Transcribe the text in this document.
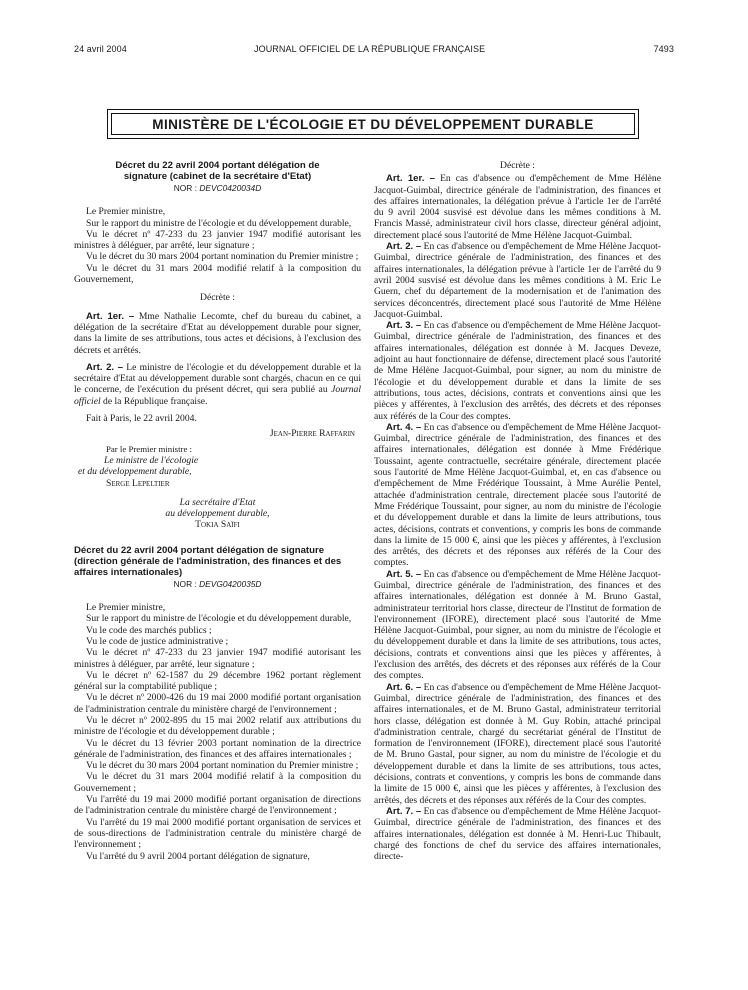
24 avril 2004	JOURNAL OFFICIEL DE LA RÉPUBLIQUE FRANÇAISE	7493
MINISTÈRE DE L'ÉCOLOGIE ET DU DÉVELOPPEMENT DURABLE
Décret du 22 avril 2004 portant délégation de signature (cabinet de la secrétaire d'Etat)
NOR : DEVC0420034D

Le Premier ministre,

Sur le rapport du ministre de l'écologie et du développement durable,

Vu le décret nº 47-233 du 23 janvier 1947 modifié autorisant les ministres à déléguer, par arrêté, leur signature ;

Vu le décret du 30 mars 2004 portant nomination du Premier ministre ;

Vu le décret du 31 mars 2004 modifié relatif à la composition du Gouvernement,

Décrète :

Art. 1er. – Mme Nathalie Lecomte, chef du bureau du cabinet, a délégation de la secrétaire d'Etat au développement durable pour signer, dans la limite de ses attributions, tous actes et décisions, à l'exclusion des décrets et arrêtés.

Art. 2. – Le ministre de l'écologie et du développement durable et la secrétaire d'Etat au développement durable sont chargés, chacun en ce qui le concerne, de l'exécution du présent décret, qui sera publié au Journal officiel de la République française.

Fait à Paris, le 22 avril 2004.

Jean-Pierre Raffarin

Par le Premier ministre :

Le ministre de l'écologie

et du développement durable,

Serge Lepeltier

La secrétaire d'Etat

au développement durable,

Tokia Saïfi

Décret du 22 avril 2004 portant délégation de signature (direction générale de l'administration, des finances et des affaires internationales)
NOR : DEVG0420035D

Le Premier ministre,

Sur le rapport du ministre de l'écologie et du développement durable,

Vu le code des marchés publics ;

Vu le code de justice administrative ;

Vu le décret nº 47-233 du 23 janvier 1947 modifié autorisant les ministres à déléguer, par arrêté, leur signature ;

Vu le décret nº 62-1587 du 29 décembre 1962 portant règlement général sur la comptabilité publique ;

Vu le décret nº 2000-426 du 19 mai 2000 modifié portant organisation de l'administration centrale du ministère chargé de l'environnement ;

Vu le décret nº 2002-895 du 15 mai 2002 relatif aux attributions du ministre de l'écologie et du développement durable ;

Vu le décret du 13 février 2003 portant nomination de la directrice générale de l'administration, des finances et des affaires internationales ;

Vu le décret du 30 mars 2004 portant nomination du Premier ministre ;

Vu le décret du 31 mars 2004 modifié relatif à la composition du Gouvernement ;

Vu l'arrêté du 19 mai 2000 modifié portant organisation de directions de l'administration centrale du ministère chargé de l'environnement ;

Vu l'arrêté du 19 mai 2000 modifié portant organisation de services et de sous-directions de l'administration centrale du ministère chargé de l'environnement ;

Vu l'arrêté du 9 avril 2004 portant délégation de signature,

Décrète :

Art. 1er. – En cas d'absence ou d'empêchement de Mme Hélène Jacquot-Guimbal, directrice générale de l'administration, des finances et des affaires internationales, la délégation prévue à l'article 1er de l'arrêté du 9 avril 2004 susvisé est dévolue dans les mêmes conditions à M. Francis Massé, administrateur civil hors classe, directeur général adjoint, directement placé sous l'autorité de Mme Hélène Jacquot-Guimbal.

Art. 2. – En cas d'absence ou d'empêchement de Mme Hélène Jacquot-Guimbal, directrice générale de l'administration, des finances et des affaires internationales, la délégation prévue à l'article 1er de l'arrêté du 9 avril 2004 susvisé est dévolue dans les mêmes conditions à M. Eric Le Guern, chef du département de la modernisation et de l'animation des services déconcentrés, directement placé sous l'autorité de Mme Hélène Jacquot-Guimbal.

Art. 3. – En cas d'absence ou d'empêchement de Mme Hélène Jacquot-Guimbal, directrice générale de l'administration, des finances et des affaires internationales, délégation est donnée à M. Jacques Deveze, adjoint au haut fonctionnaire de défense, directement placé sous l'autorité de Mme Hélène Jacquot-Guimbal, pour signer, au nom du ministre de l'écologie et du développement durable et dans la limite de ses attributions, tous actes, décisions, contrats et conventions ainsi que les pièces y afférentes, à l'exclusion des arrêtés, des décrets et des réponses aux référés de la Cour des comptes.

Art. 4. – En cas d'absence ou d'empêchement de Mme Hélène Jacquot-Guimbal, directrice générale de l'administration, des finances et des affaires internationales, délégation est donnée à Mme Frédérique Toussaint, agente contractuelle, secrétaire générale, directement placée sous l'autorité de Mme Hélène Jacquot-Guimbal, et, en cas d'absence ou d'empêchement de Mme Frédérique Toussaint, à Mme Aurélie Pentel, attachée d'administration centrale, directement placée sous l'autorité de Mme Frédérique Toussaint, pour signer, au nom du ministre de l'écologie et du développement durable et dans la limite de leurs attributions, tous actes, décisions, contrats et conventions, y compris les bons de commande dans la limite de 15 000 €, ainsi que les pièces y afférentes, à l'exclusion des arrêtés, des décrets et des réponses aux référés de la Cour des comptes.

Art. 5. – En cas d'absence ou d'empêchement de Mme Hélène Jacquot-Guimbal, directrice générale de l'administration, des finances et des affaires internationales, délégation est donnée à M. Bruno Gastal, administrateur territorial hors classe, directeur de l'Institut de formation de l'environnement (IFORE), directement placé sous l'autorité de Mme Hélène Jacquot-Guimbal, pour signer, au nom du ministre de l'écologie et du développement durable et dans la limite de ses attributions, tous actes, décisions, contrats et conventions ainsi que les pièces y afférentes, à l'exclusion des arrêtés, des décrets et des réponses aux référés de la Cour des comptes.

Art. 6. – En cas d'absence ou d'empêchement de Mme Hélène Jacquot-Guimbal, directrice générale de l'administration, des finances et des affaires internationales, et de M. Bruno Gastal, administrateur territorial hors classe, délégation est donnée à M. Guy Robin, attaché principal d'administration centrale, chargé du secrétariat général de l'Institut de formation de l'environnement (IFORE), directement placé sous l'autorité de M. Bruno Gastal, pour signer, au nom du ministre de l'écologie et du développement durable et dans la limite de ses attributions, tous actes, décisions, contrats et conventions, y compris les bons de commande dans la limite de 15 000 €, ainsi que les pièces y afférentes, à l'exclusion des arrêtés, des décrets et des réponses aux référés de la Cour des comptes.

Art. 7. – En cas d'absence ou d'empêchement de Mme Hélène Jacquot-Guimbal, directrice générale de l'administration, des finances et des affaires internationales, délégation est donnée à M. Henri-Luc Thibault, chargé des fonctions de chef du service des affaires internationales, directe-
